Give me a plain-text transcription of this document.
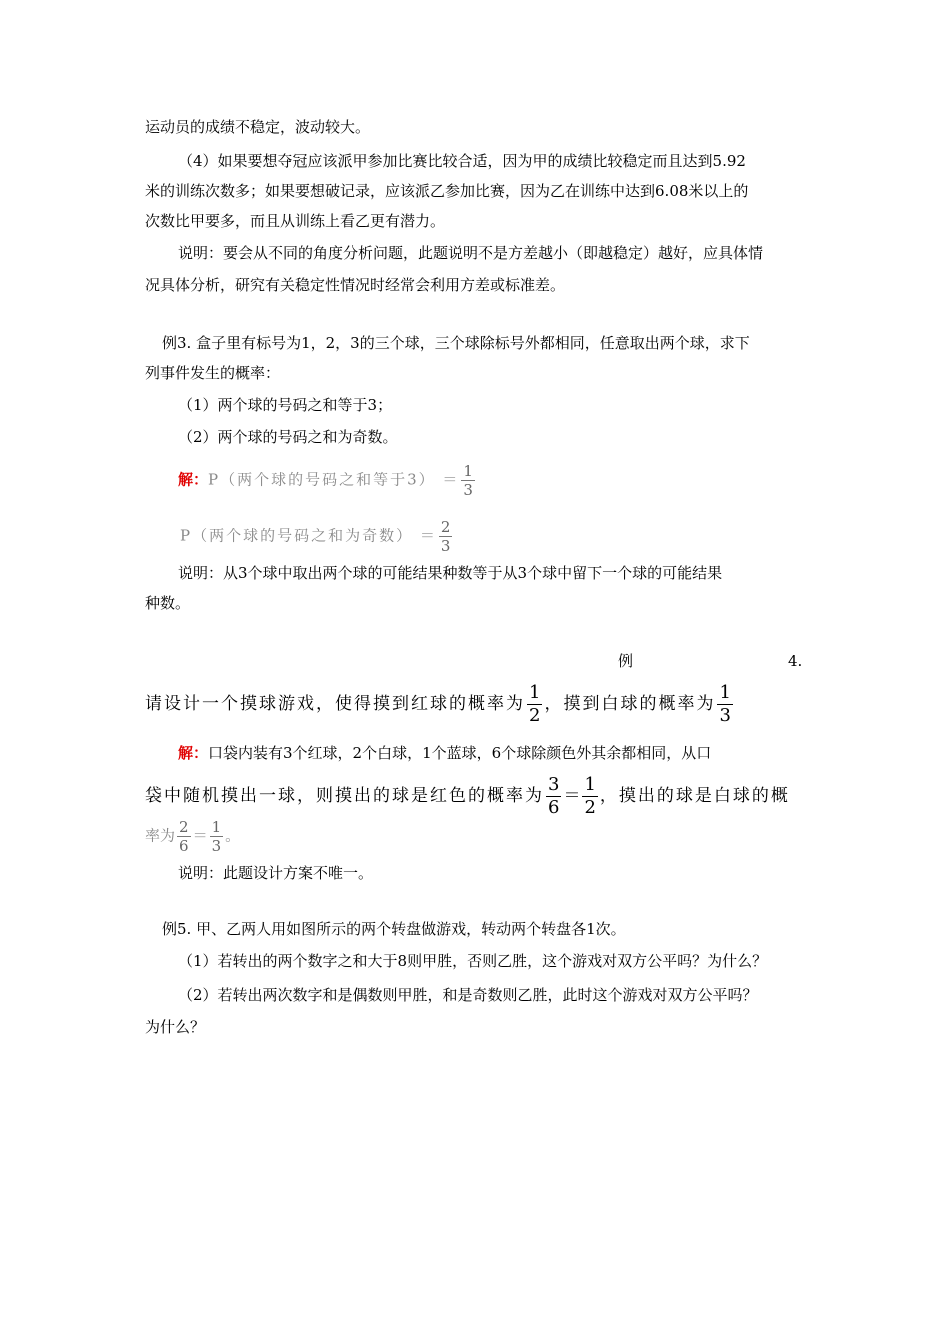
运动员的成绩不稳定，波动较大。
（4）如果要想夺冠应该派甲参加比赛比较合适，因为甲的成绩比较稳定而且达到5.92
米的训练次数多；如果要想破记录，应该派乙参加比赛，因为乙在训练中达到6.08米以上的
次数比甲要多，而且从训练上看乙更有潜力。
说明：要会从不同的角度分析问题，此题说明不是方差越小（即越稳定）越好，应具体情
况具体分析，研究有关稳定性情况时经常会利用方差或标准差。
例3. 盒子里有标号为1，2，3的三个球，三个球除标号外都相同，任意取出两个球，求下
列事件发生的概率：
（1）两个球的号码之和等于3；
（2）两个球的号码之和为奇数。
解：P（两个球的号码之和等于$3) = \frac{1}{3}$
P（两个球的号码之和为奇数） ＝ $\frac{2}{3}$
说明：从3个球中取出两个球的可能结果种数等于从3个球中留下一个球的可能结果
种数。
例	4.
请设计一个摸球游戏，使得摸到红球的概率为 $\frac{1}{2}$ ，摸到白球的概率为 $\frac{1}{3}$
解：口袋内装有3个红球，2个白球，1个蓝球，6个球除颜色外其余都相同，从口
袋中随机摸出一球，则摸出的球是红色的概率为 $\frac{3}{6} = \frac{1}{2}$ ，摸出的球是白球的概
率为 $\frac{2}{6} = \frac{1}{3}$ 。
说明：此题设计方案不唯一。
例5. 甲、乙两人用如图所示的两个转盘做游戏，转动两个转盘各1次。
（1）若转出的两个数字之和大于8则甲胜，否则乙胜，这个游戏对双方公平吗？为什么？
（2）若转出两次数字和是偶数则甲胜，和是奇数则乙胜，此时这个游戏对双方公平吗？
为什么？
